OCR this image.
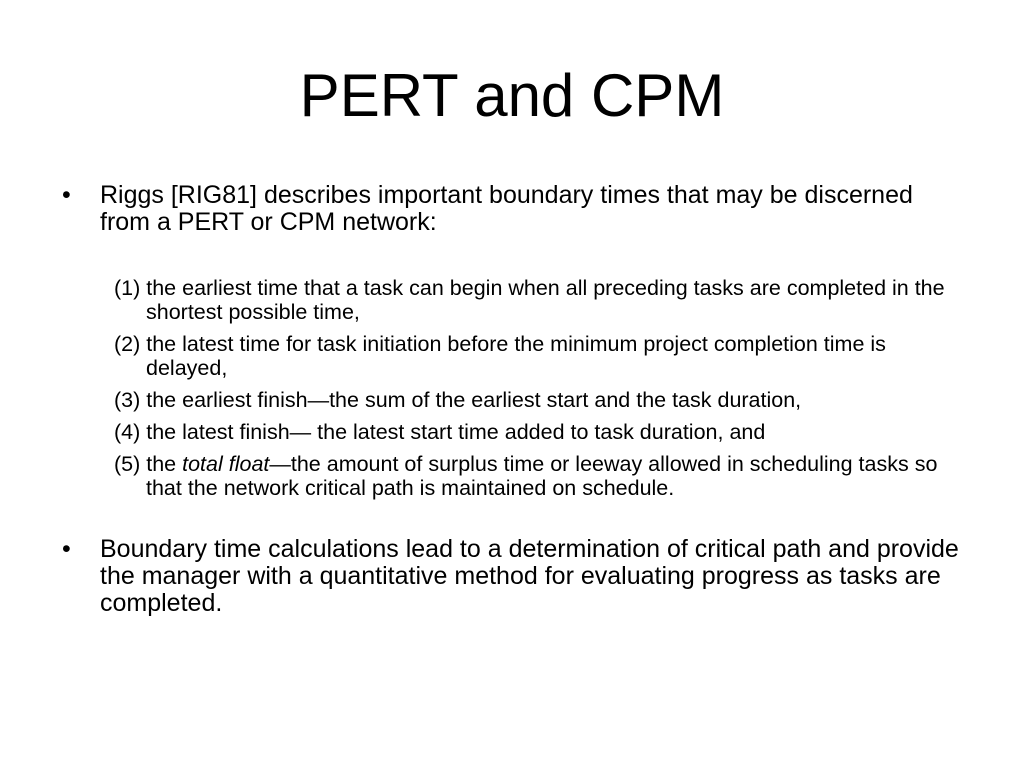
PERT and CPM
• Riggs [RIG81] describes important boundary times that may be discerned from a PERT or CPM network:
(1) the earliest time that a task can begin when all preceding tasks are completed in the shortest possible time,
(2) the latest time for task initiation before the minimum project completion time is delayed,
(3) the earliest finish—the sum of the earliest start and the task duration,
(4) the latest finish— the latest start time added to task duration, and
(5) the total float—the amount of surplus time or leeway allowed in scheduling tasks so that the network critical path is maintained on schedule.
• Boundary time calculations lead to a determination of critical path and provide the manager with a quantitative method for evaluating progress as tasks are completed.
